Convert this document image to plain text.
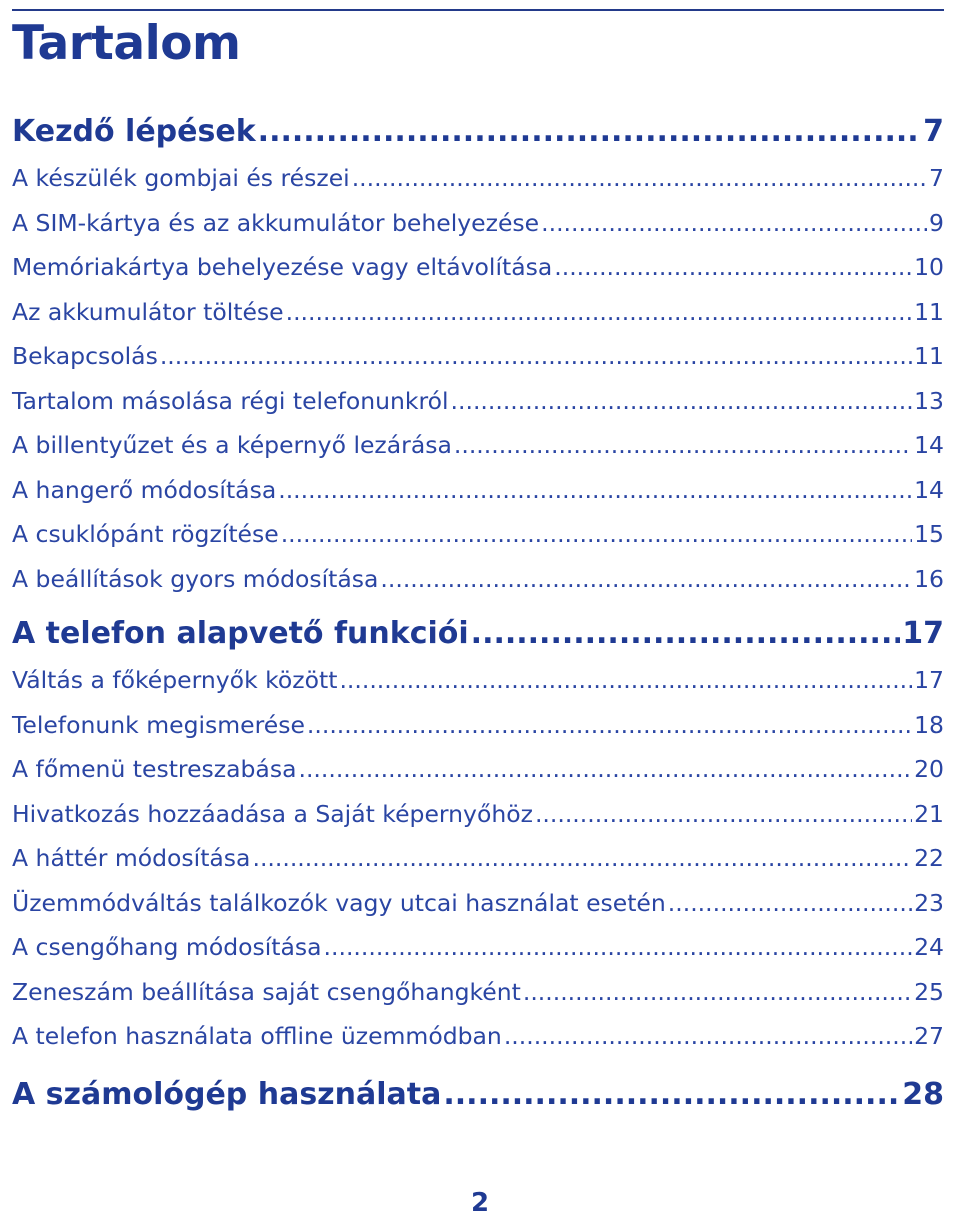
Tartalom
Kezdő lépések .....	7
A készülék gombjai és részei .....	7
A SIM-kártya és az akkumulátor behelyezése .....	9
Memóriakártya behelyezése vagy eltávolítása .....	10
Az akkumulátor töltése .....	11
Bekapcsolás .....	11
Tartalom másolása régi telefonunkról .....	13
A billentyűzet és a képernyő lezárása .....	14
A hangerő módosítása .....	14
A csuklópánt rögzítése .....	15
A beállítások gyors módosítása .....	16
A telefon alapvető funkciói .....	17
Váltás a főképernyők között .....	17
Telefonunk megismerése .....	18
A főmenü testreszabása .....	20
Hivatkozás hozzáadása a Saját képernyőhöz .....	21
A háttér módosítása .....	22
Üzemmódváltás találkozók vagy utcai használat esetén .....	23
A csengőhang módosítása .....	24
Zeneszám beállítása saját csengőhangként .....	25
A telefon használata offline üzemmódban .....	27
A számológép használata .....	28
2
